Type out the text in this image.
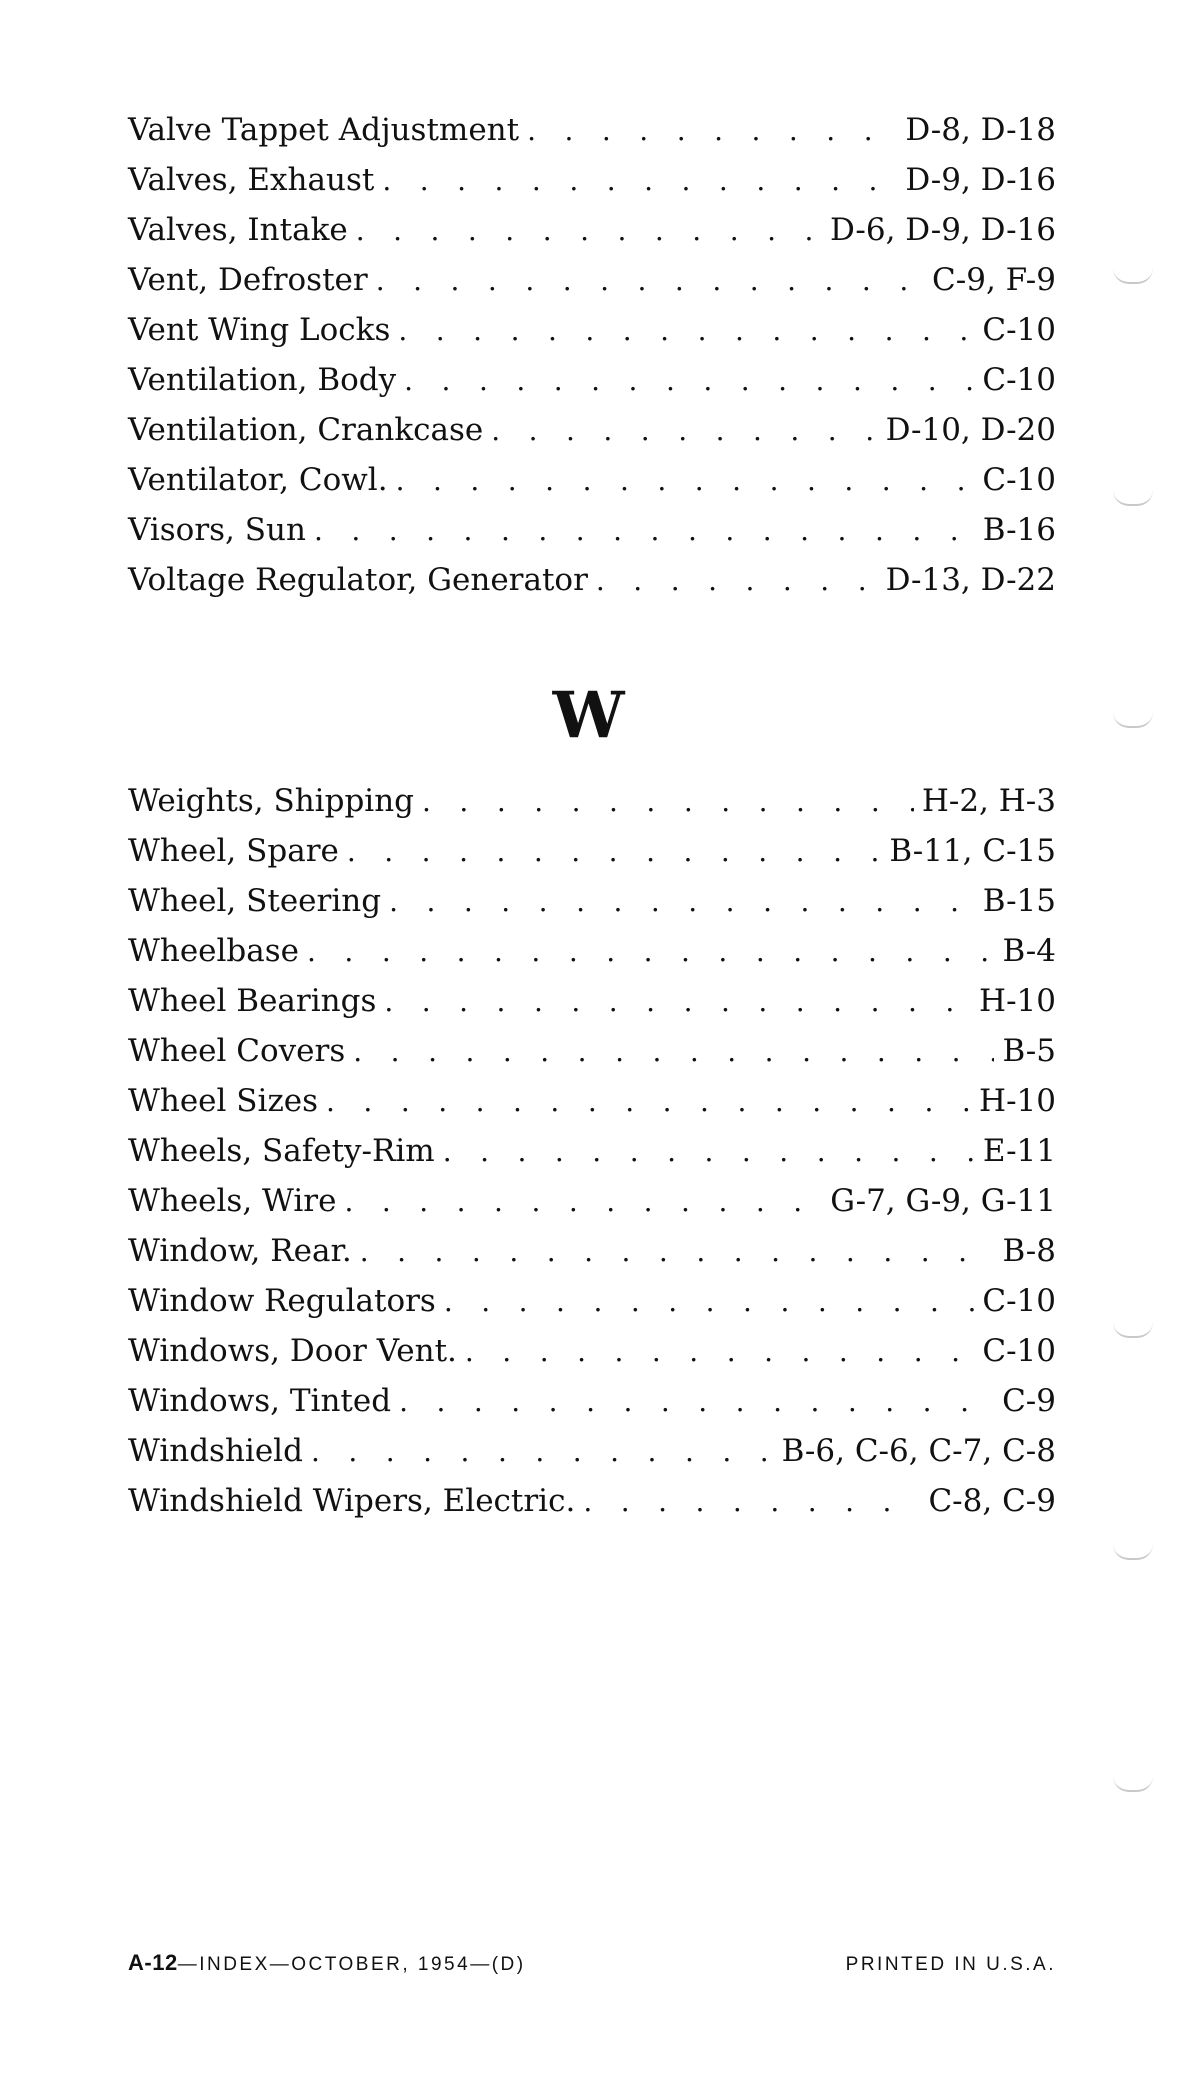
Valve Tappet Adjustment . . .	D-8, D-18
Valves, Exhaust . . .	D-9, D-16
Valves, Intake . . .	D-6, D-9, D-16
Vent, Defroster . . .	C-9, F-9
Vent Wing Locks . . .	C-10
Ventilation, Body . . .	C-10
Ventilation, Crankcase . . .	D-10, D-20
Ventilator, Cowl. . . .	C-10
Visors, Sun . . .	B-16
Voltage Regulator, Generator . . .	D-13, D-22
W
Weights, Shipping . . .	H-2, H-3
Wheel, Spare . . .	B-11, C-15
Wheel, Steering . . .	B-15
Wheelbase . . .	B-4
Wheel Bearings . . .	H-10
Wheel Covers . . .	B-5
Wheel Sizes . . .	H-10
Wheels, Safety-Rim . . .	E-11
Wheels, Wire . . .	G-7, G-9, G-11
Window, Rear. . . .	B-8
Window Regulators . . .	C-10
Windows, Door Vent. . . .	C-10
Windows, Tinted . . .	C-9
Windshield . . .	B-6, C-6, C-7, C-8
Windshield Wipers, Electric. . . .	C-8, C-9
A-12—INDEX—OCTOBER, 1954—(D)	PRINTED IN U.S.A.
